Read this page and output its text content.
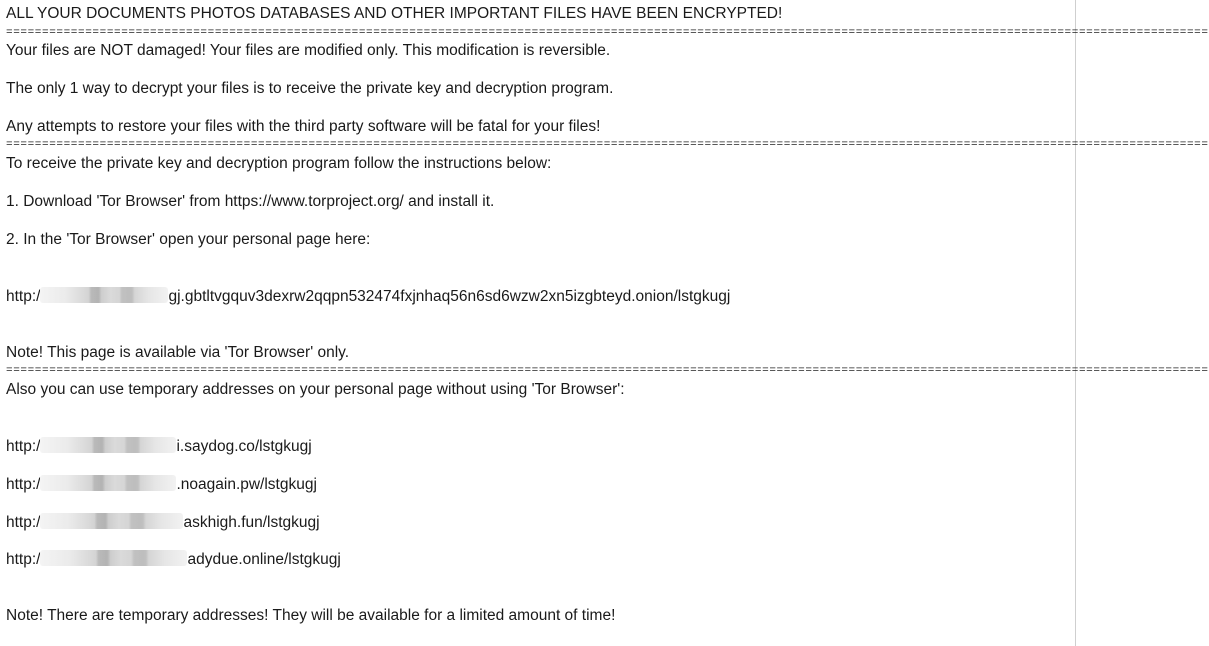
ALL YOUR DOCUMENTS PHOTOS DATABASES AND OTHER IMPORTANT FILES HAVE BEEN ENCRYPTED!
=======================================================================================================================================================================
Your files are NOT damaged! Your files are modified only. This modification is reversible.
The only 1 way to decrypt your files is to receive the private key and decryption program.
Any attempts to restore your files with the third party software will be fatal for your files!
=======================================================================================================================================================================
To receive the private key and decryption program follow the instructions below:
1. Download 'Tor Browser' from https://www.torproject.org/ and install it.
2. In the 'Tor Browser' open your personal page here:
http:/	gj.gbtltvgquv3dexrw2qqpn532474fxjnhaq56n6sd6wzw2xn5izgbteyd.onion/lstgkugj
Note! This page is available via 'Tor Browser' only.
=======================================================================================================================================================================
Also you can use temporary addresses on your personal page without using 'Tor Browser':
http:/	i.saydog.co/lstgkugj
http:/	.noagain.pw/lstgkugj
http:/	askhigh.fun/lstgkugj
http:/	adydue.online/lstgkugj
Note! There are temporary addresses! They will be available for a limited amount of time!
